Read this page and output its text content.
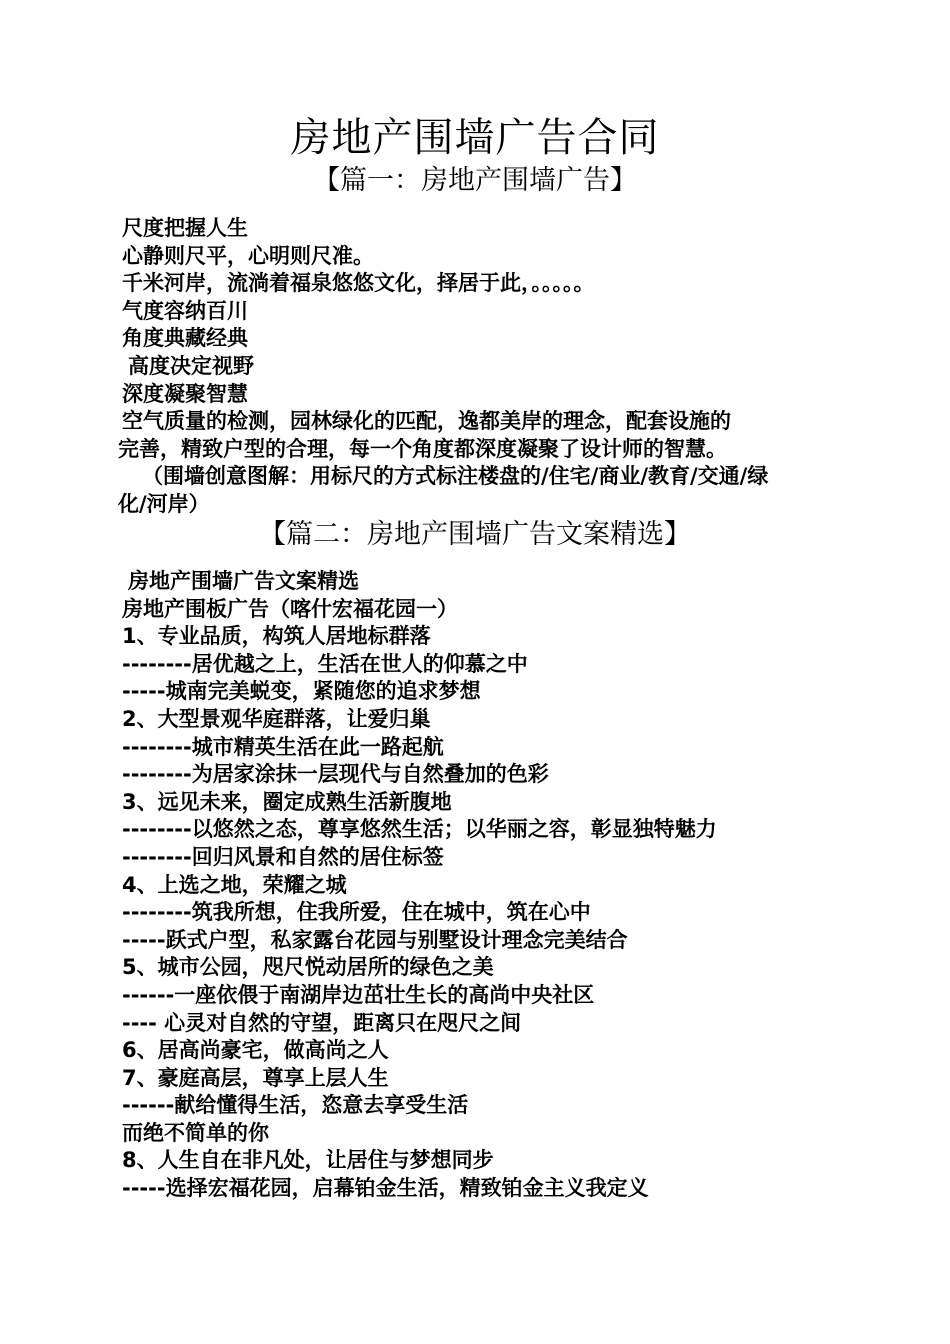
房地产围墙广告合同
【篇一：房地产围墙广告】
尺度把握人生
心静则尺平，心明则尺准。
千米河岸，流淌着福泉悠悠文化，择居于此，。。。。。
气度容纳百川
角度典藏经典
高度决定视野
深度凝聚智慧
空气质量的检测，园林绿化的匹配，逸都美岸的理念，配套设施的
完善，精致户型的合理，每一个角度都深度凝聚了设计师的智慧。
（围墙创意图解：用标尺的方式标注楼盘的/住宅/商业/教育/交通/绿
化/河岸）
【篇二：房地产围墙广告文案精选】
房地产围墙广告文案精选
房地产围板广告（喀什宏福花园一）
1、专业品质，构筑人居地标群落
--------居优越之上，生活在世人的仰慕之中
-----城南完美蜕变，紧随您的追求梦想
2、大型景观华庭群落，让爱归巢
--------城市精英生活在此一路起航
--------为居家涂抹一层现代与自然叠加的色彩
3、远见未来，圈定成熟生活新腹地
--------以悠然之态，尊享悠然生活；以华丽之容，彰显独特魅力
--------回归风景和自然的居住标签
4、上选之地，荣耀之城
--------筑我所想，住我所爱，住在城中，筑在心中
-----跃式户型，私家露台花园与别墅设计理念完美结合
5、城市公园，咫尺悦动居所的绿色之美
------一座依偎于南湖岸边茁壮生长的高尚中央社区
---- 心灵对自然的守望，距离只在咫尺之间
6、居高尚豪宅，做高尚之人
7、豪庭高层，尊享上层人生
------献给懂得生活，恣意去享受生活
而绝不简单的你
8、人生自在非凡处，让居住与梦想同步
-----选择宏福花园，启幕铂金生活，精致铂金主义我定义
